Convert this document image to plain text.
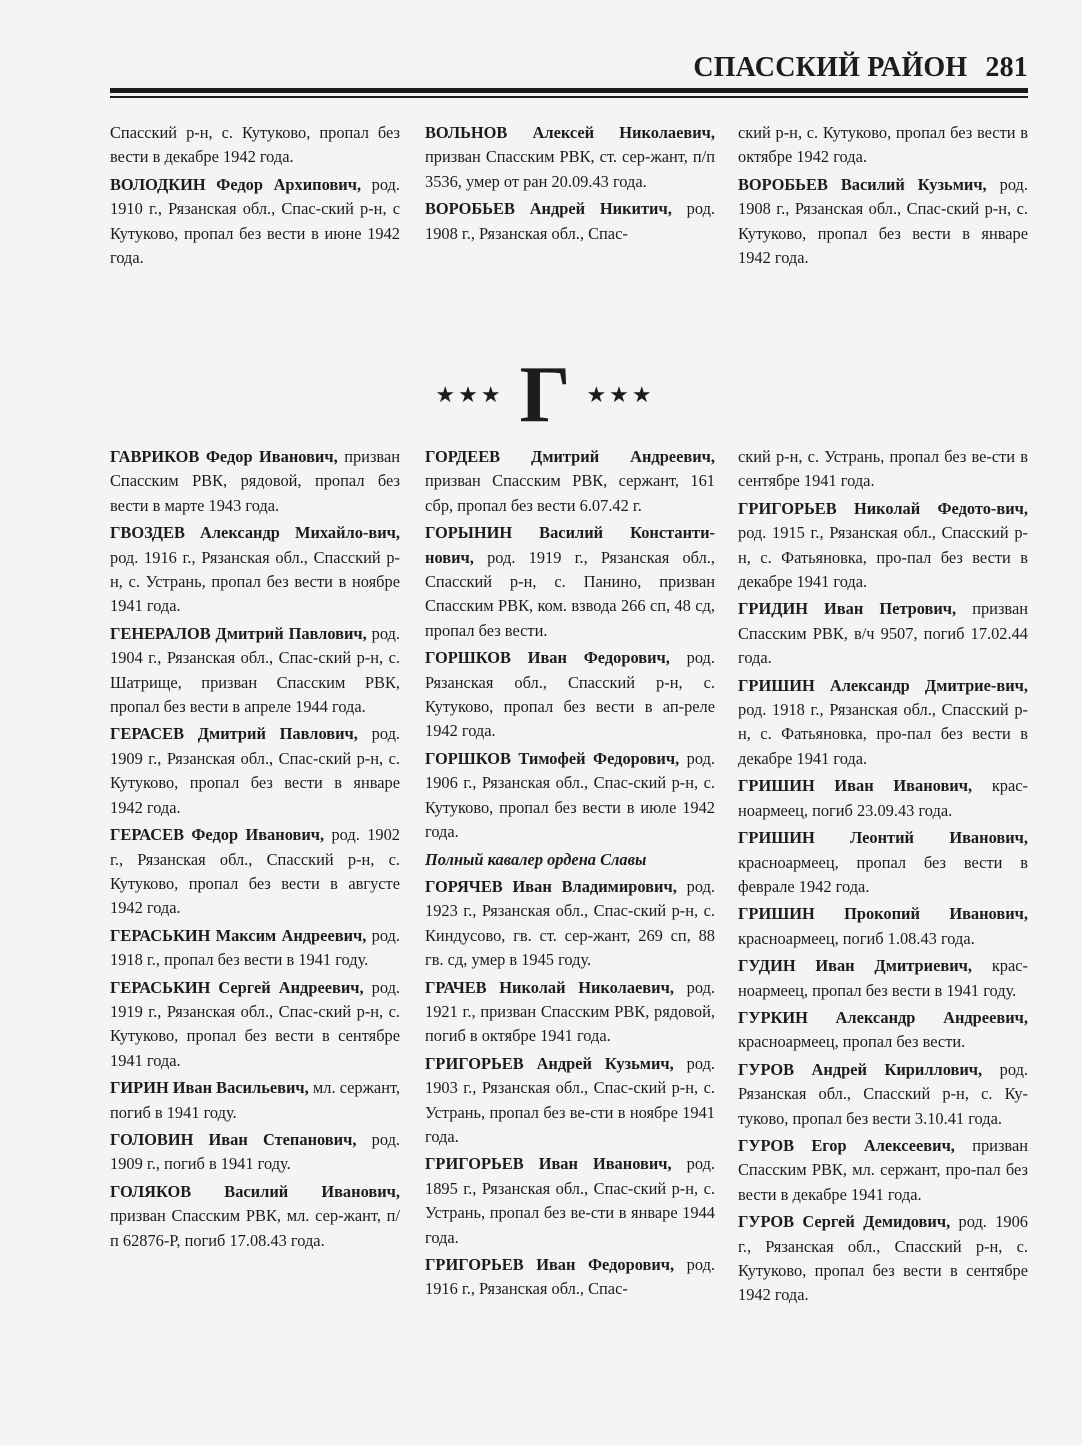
СПАССКИЙ РАЙОН 281
Спасский р-н, с. Кутуково, пропал без вести в декабре 1942 года.
ВОЛОДКИН Федор Архипович, род. 1910 г., Рязанская обл., Спас-ский р-н, с Кутуково, пропал без вести в июне 1942 года.
ВОЛЬНОВ Алексей Николаевич, призван Спасским РВК, ст. сер-жант, п/п 3536, умер от ран 20.09.43 года.
ВОРОБЬЕВ Андрей Никитич, род. 1908 г., Рязанская обл., Спас-
ский р-н, с. Кутуково, пропал без вести в октябре 1942 года.
ВОРОБЬЕВ Василий Кузьмич, род. 1908 г., Рязанская обл., Спас-ский р-н, с. Кутуково, пропал без вести в январе 1942 года.
★★★ Г ★★★
ГАВРИКОВ Федор Иванович, призван Спасским РВК, рядовой, пропал без вести в марте 1943 года.
ГВОЗДЕВ Александр Михайло-вич, род. 1916 г., Рязанская обл., Спасский р-н, с. Устрань, пропал без вести в ноябре 1941 года.
ГЕНЕРАЛОВ Дмитрий Павлович, род. 1904 г., Рязанская обл., Спас-ский р-н, с. Шатрище, призван Спасским РВК, пропал без вести в апреле 1944 года.
ГЕРАСЕВ Дмитрий Павлович, род. 1909 г., Рязанская обл., Спас-ский р-н, с. Кутуково, пропал без вести в январе 1942 года.
ГЕРАСЕВ Федор Иванович, род. 1902 г., Рязанская обл., Спасский р-н, с. Кутуково, пропал без вести в августе 1942 года.
ГЕРАСЬКИН Максим Андреевич, род. 1918 г., пропал без вести в 1941 году.
ГЕРАСЬКИН Сергей Андреевич, род. 1919 г., Рязанская обл., Спас-ский р-н, с. Кутуково, пропал без вести в сентябре 1941 года.
ГИРИН Иван Васильевич, мл. сержант, погиб в 1941 году.
ГОЛОВИН Иван Степанович, род. 1909 г., погиб в 1941 году.
ГОЛЯКОВ Василий Иванович, призван Спасским РВК, мл. сер-жант, п/п 62876-Р, погиб 17.08.43 года.
ГОРДЕЕВ Дмитрий Андреевич, призван Спасским РВК, сержант, 161 сбр, пропал без вести 6.07.42 г.
ГОРЫНИН Василий Константи-нович, род. 1919 г., Рязанская обл., Спасский р-н, с. Панино, призван Спасским РВК, ком. взвода 266 сп, 48 сд, пропал без вести.
ГОРШКОВ Иван Федорович, род. Рязанская обл., Спасский р-н, с. Кутуково, пропал без вести в ап-реле 1942 года.
ГОРШКОВ Тимофей Федорович, род. 1906 г., Рязанская обл., Спас-ский р-н, с. Кутуково, пропал без вести в июле 1942 года.
Полный кавалер ордена Славы
ГОРЯЧЕВ Иван Владимирович, род. 1923 г., Рязанская обл., Спас-ский р-н, с. Киндусово, гв. ст. сер-жант, 269 сп, 88 гв. сд, умер в 1945 году.
ГРАЧЕВ Николай Николаевич, род. 1921 г., призван Спасским РВК, рядовой, погиб в октябре 1941 года.
ГРИГОРЬЕВ Андрей Кузьмич, род. 1903 г., Рязанская обл., Спас-ский р-н, с. Устрань, пропал без ве-сти в ноябре 1941 года.
ГРИГОРЬЕВ Иван Иванович, род. 1895 г., Рязанская обл., Спас-ский р-н, с. Устрань, пропал без ве-сти в январе 1944 года.
ГРИГОРЬЕВ Иван Федорович, род. 1916 г., Рязанская обл., Спас-
ский р-н, с. Устрань, пропал без ве-сти в сентябре 1941 года.
ГРИГОРЬЕВ Николай Федото-вич, род. 1915 г., Рязанская обл., Спасский р-н, с. Фатьяновка, про-пал без вести в декабре 1941 года.
ГРИДИН Иван Петрович, призван Спасским РВК, в/ч 9507, погиб 17.02.44 года.
ГРИШИН Александр Дмитрие-вич, род. 1918 г., Рязанская обл., Спасский р-н, с. Фатьяновка, про-пал без вести в декабре 1941 года.
ГРИШИН Иван Иванович, крас-ноармеец, погиб 23.09.43 года.
ГРИШИН Леонтий Иванович, красноармеец, пропал без вести в феврале 1942 года.
ГРИШИН Прокопий Иванович, красноармеец, погиб 1.08.43 года.
ГУДИН Иван Дмитриевич, крас-ноармеец, пропал без вести в 1941 году.
ГУРКИН Александр Андреевич, красноармеец, пропал без вести.
ГУРОВ Андрей Кириллович, род. Рязанская обл., Спасский р-н, с. Ку-туково, пропал без вести 3.10.41 года.
ГУРОВ Егор Алексеевич, призван Спасским РВК, мл. сержант, про-пал без вести в декабре 1941 года.
ГУРОВ Сергей Демидович, род. 1906 г., Рязанская обл., Спасский р-н, с. Кутуково, пропал без вести в сентябре 1942 года.
